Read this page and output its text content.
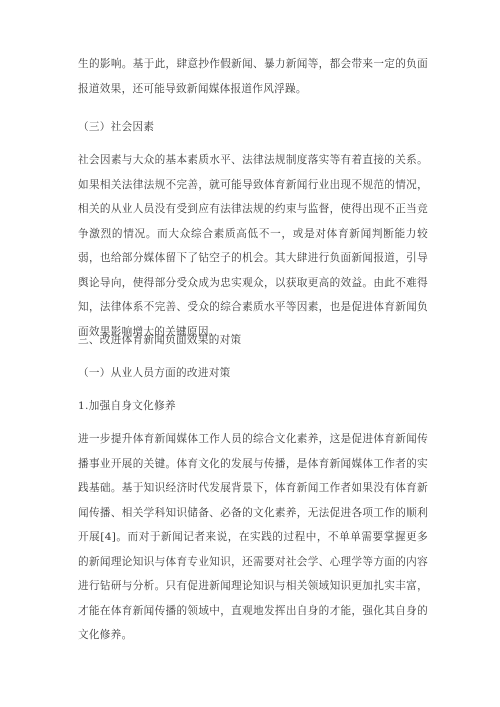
生的影响。基于此，肆意抄作假新闻、暴力新闻等，都会带来一定的负面报道效果，还可能导致新闻媒体报道作风浮躁。

（三）社会因素

社会因素与大众的基本素质水平、法律法规制度落实等有着直接的关系。如果相关法律法规不完善，就可能导致体育新闻行业出现不规范的情况，相关的从业人员没有受到应有法律法规的约束与监督，使得出现不正当竞争激烈的情况。而大众综合素质高低不一，或是对体育新闻判断能力较弱，也给部分媒体留下了钻空子的机会。其大肆进行负面新闻报道，引导舆论导向，使得部分受众成为忠实观众，以获取更高的效益。由此不难得知，法律体系不完善、受众的综合素质水平等因素，也是促进体育新闻负面效果影响增大的关键原因。

三、改进体育新闻负面效果的对策

（一）从业人员方面的改进对策

1.加强自身文化修养

进一步提升体育新闻媒体工作人员的综合文化素养，这是促进体育新闻传播事业开展的关键。体育文化的发展与传播，是体育新闻媒体工作者的实践基础。基于知识经济时代发展背景下，体育新闻工作者如果没有体育新闻传播、相关学科知识储备、必备的文化素养，无法促进各项工作的顺利开展[4]。而对于新闻记者来说，在实践的过程中，不单单需要掌握更多的新闻理论知识与体育专业知识，还需要对社会学、心理学等方面的内容进行钻研与分析。只有促进新闻理论知识与相关领域知识更加扎实丰富，才能在体育新闻传播的领域中，直观地发挥出自身的才能，强化其自身的文化修养。
